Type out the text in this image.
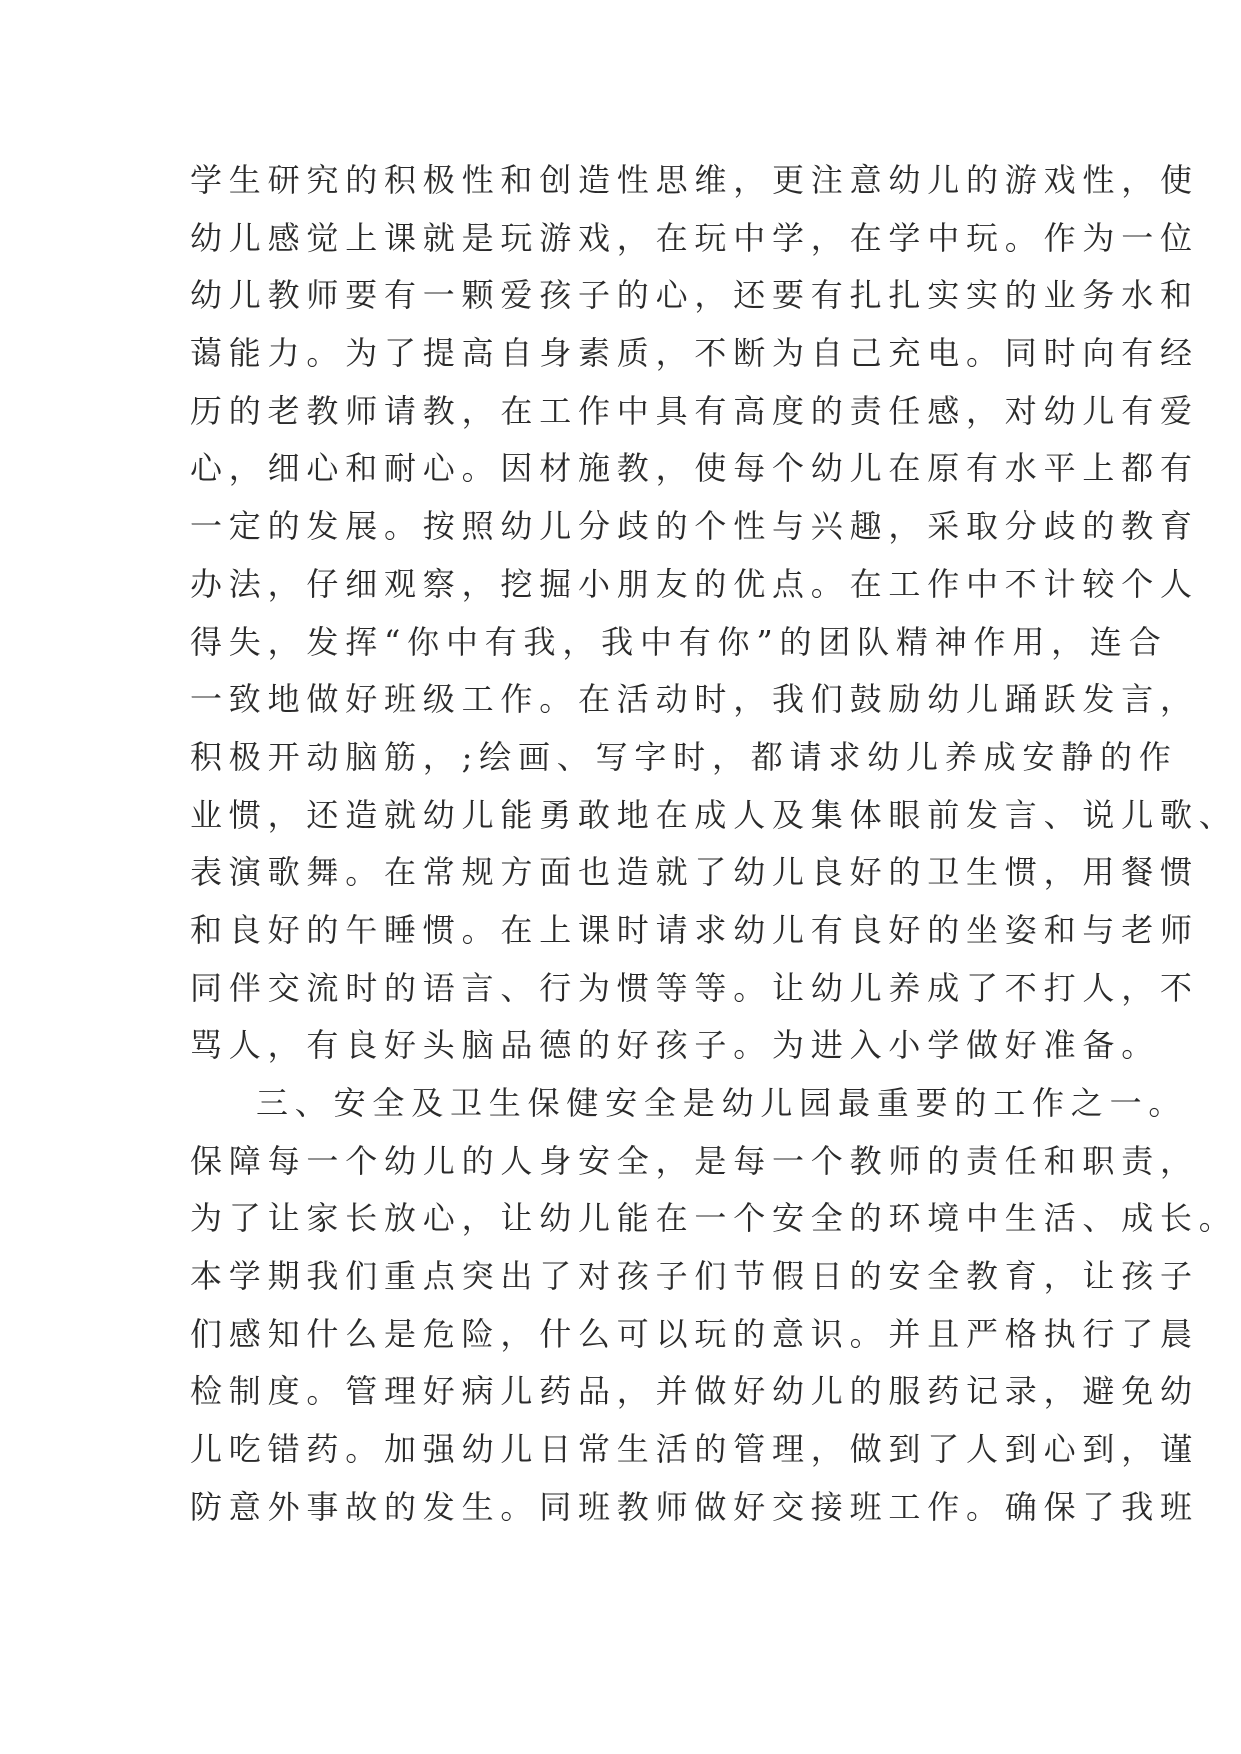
学生研究的积极性和创造性思维，更注意幼儿的游戏性，使
幼儿感觉上课就是玩游戏，在玩中学，在学中玩。作为一位
幼儿教师要有一颗爱孩子的心，还要有扎扎实实的业务水和
蔼能力。为了提高自身素质，不断为自己充电。同时向有经
历的老教师请教，在工作中具有高度的责任感，对幼儿有爱
心，细心和耐心。因材施教，使每个幼儿在原有水平上都有
一定的发展。按照幼儿分歧的个性与兴趣，采取分歧的教育
办法，仔细观察，挖掘小朋友的优点。在工作中不计较个人
得失，发挥“你中有我，我中有你”的团队精神作用，连合
一致地做好班级工作。在活动时，我们鼓励幼儿踊跃发言，
积极开动脑筋，;绘画、写字时，都请求幼儿养成安静的作
业惯，还造就幼儿能勇敢地在成人及集体眼前发言、说儿歌、
表演歌舞。在常规方面也造就了幼儿良好的卫生惯，用餐惯
和良好的午睡惯。在上课时请求幼儿有良好的坐姿和与老师
同伴交流时的语言、行为惯等等。让幼儿养成了不打人，不
骂人，有良好头脑品德的好孩子。为进入小学做好准备。
三、安全及卫生保健安全是幼儿园最重要的工作之一。
保障每一个幼儿的人身安全，是每一个教师的责任和职责，
为了让家长放心，让幼儿能在一个安全的环境中生活、成长。
本学期我们重点突出了对孩子们节假日的安全教育，让孩子
们感知什么是危险，什么可以玩的意识。并且严格执行了晨
检制度。管理好病儿药品，并做好幼儿的服药记录，避免幼
儿吃错药。加强幼儿日常生活的管理，做到了人到心到，谨
防意外事故的发生。同班教师做好交接班工作。确保了我班
